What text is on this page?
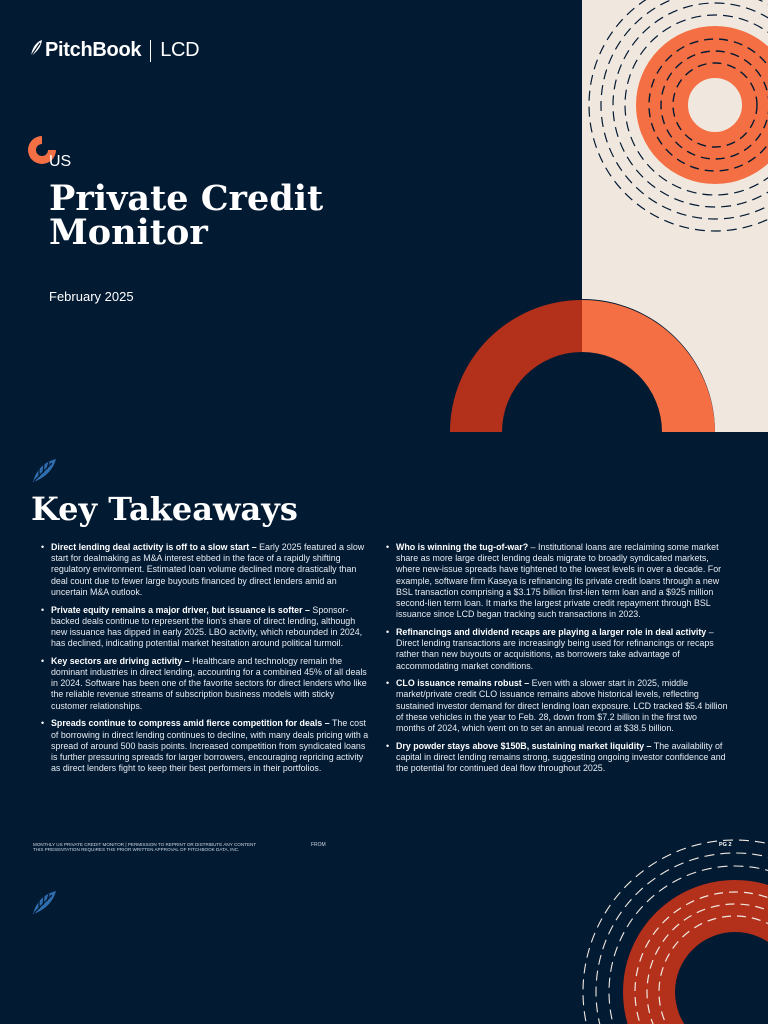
PitchBook LCD
US
Private Credit
Monitor
February 2025
Key Takeaways
• Direct lending deal activity is off to a slow start – Early 2025 featured a slow start for dealmaking as M&A interest ebbed in the face of a rapidly shifting regulatory environment. Estimated loan volume declined more drastically than deal count due to fewer large buyouts financed by direct lenders amid an uncertain M&A outlook.
• Private equity remains a major driver, but issuance is softer – Sponsor-backed deals continue to represent the lion's share of direct lending, although new issuance has dipped in early 2025. LBO activity, which rebounded in 2024, has declined, indicating potential market hesitation around political turmoil.
• Key sectors are driving activity – Healthcare and technology remain the dominant industries in direct lending, accounting for a combined 45% of all deals in 2024. Software has been one of the favorite sectors for direct lenders who like the reliable revenue streams of subscription business models with sticky customer relationships.
• Spreads continue to compress amid fierce competition for deals – The cost of borrowing in direct lending continues to decline, with many deals pricing with a spread of around 500 basis points. Increased competition from syndicated loans is further pressuring spreads for larger borrowers, encouraging repricing activity as direct lenders fight to keep their best performers in their portfolios.
• Who is winning the tug-of-war? – Institutional loans are reclaiming some market share as more large direct lending deals migrate to broadly syndicated markets, where new-issue spreads have tightened to the lowest levels in over a decade. For example, software firm Kaseya is refinancing its private credit loans through a new BSL transaction comprising a $3.175 billion first-lien term loan and a $925 million second-lien term loan. It marks the largest private credit repayment through BSL issuance since LCD began tracking such transactions in 2023.
• Refinancings and dividend recaps are playing a larger role in deal activity – Direct lending transactions are increasingly being used for refinancings or recaps rather than new buyouts or acquisitions, as borrowers take advantage of accommodating market conditions.
• CLO issuance remains robust – Even with a slower start in 2025, middle market/private credit CLO issuance remains above historical levels, reflecting sustained investor demand for direct lending loan exposure. LCD tracked $5.4 billion of these vehicles in the year to Feb. 28, down from $7.2 billion in the first two months of 2024, which went on to set an annual record at $38.5 billion.
• Dry powder stays above $150B, sustaining market liquidity – The availability of capital in direct lending remains strong, suggesting ongoing investor confidence and the potential for continued deal flow throughout 2025.
MONTHLY US PRIVATE CREDIT MONITOR | PERMISSION TO REPRINT OR DISTRIBUTE ANY CONTENT
THIS PRESENTATION REQUIRES THE PRIOR WRITTEN APPROVAL OF PITCHBOOK DATA, INC.
FROM	PG 2
